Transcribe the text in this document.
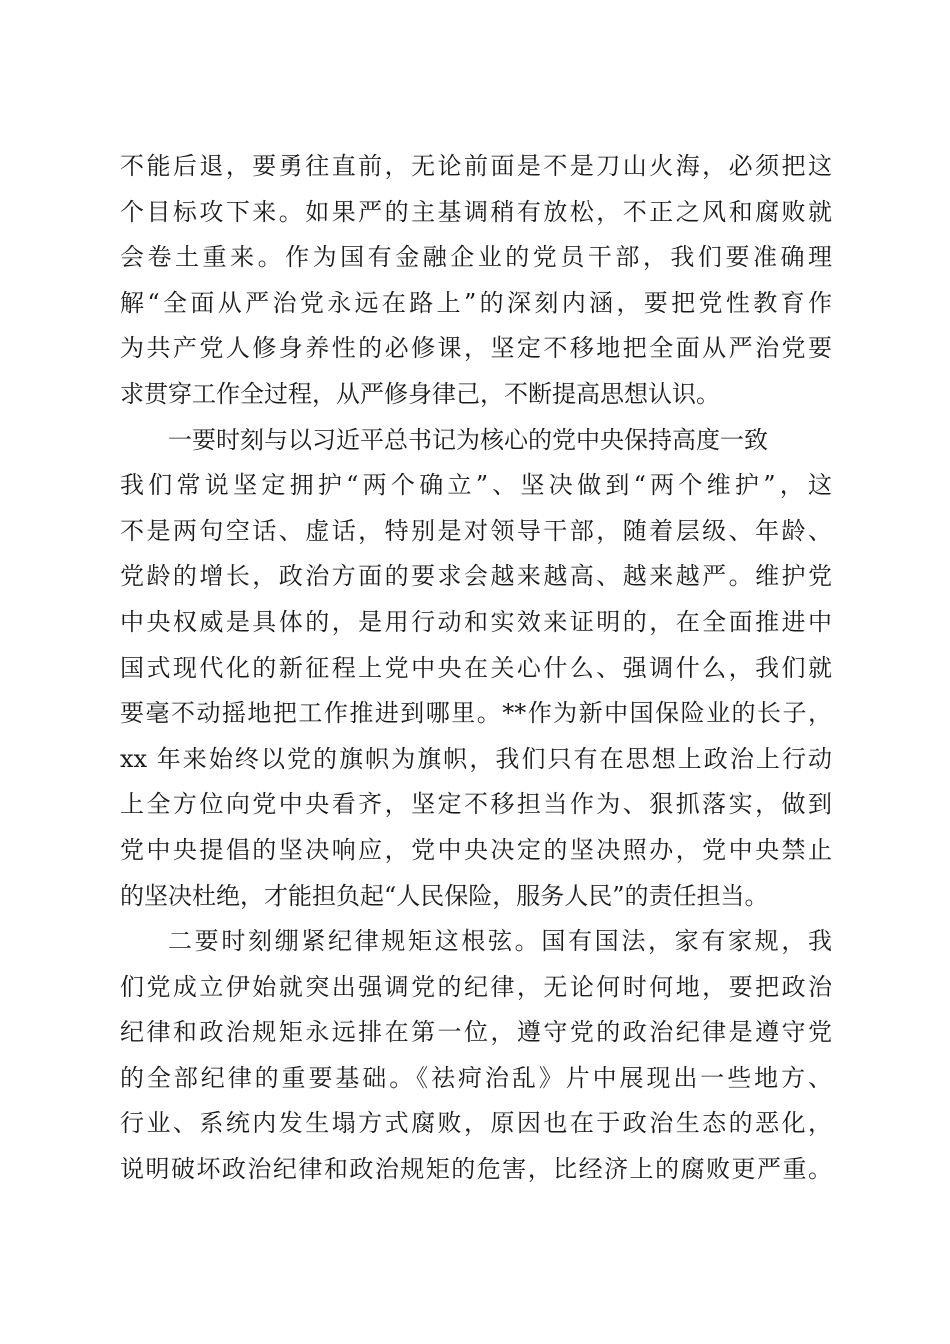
不能后退，要勇往直前，无论前面是不是刀山火海，必须把这
个目标攻下来。如果严的主基调稍有放松，不正之风和腐败就
会卷土重来。作为国有金融企业的党员干部，我们要准确理
解“全面从严治党永远在路上”的深刻内涵，要把党性教育作
为共产党人修身养性的必修课，坚定不移地把全面从严治党要
求贯穿工作全过程，从严修身律己，不断提高思想认识。
一要时刻与以习近平总书记为核心的党中央保持高度一致
我们常说坚定拥护“两个确立”、坚决做到“两个维护”，这
不是两句空话、虚话，特别是对领导干部，随着层级、年龄、
党龄的增长，政治方面的要求会越来越高、越来越严。维护党
中央权威是具体的，是用行动和实效来证明的，在全面推进中
国式现代化的新征程上党中央在关心什么、强调什么，我们就
要毫不动摇地把工作推进到哪里。**作为新中国保险业的长子，
xx 年来始终以党的旗帜为旗帜，我们只有在思想上政治上行动
上全方位向党中央看齐，坚定不移担当作为、狠抓落实，做到
党中央提倡的坚决响应，党中央决定的坚决照办，党中央禁止
的坚决杜绝，才能担负起“人民保险，服务人民”的责任担当。
二要时刻绷紧纪律规矩这根弦。国有国法，家有家规，我
们党成立伊始就突出强调党的纪律，无论何时何地，要把政治
纪律和政治规矩永远排在第一位，遵守党的政治纪律是遵守党
的全部纪律的重要基础。《祛疴治乱》片中展现出一些地方、
行业、系统内发生塌方式腐败，原因也在于政治生态的恶化，
说明破坏政治纪律和政治规矩的危害，比经济上的腐败更严重。
